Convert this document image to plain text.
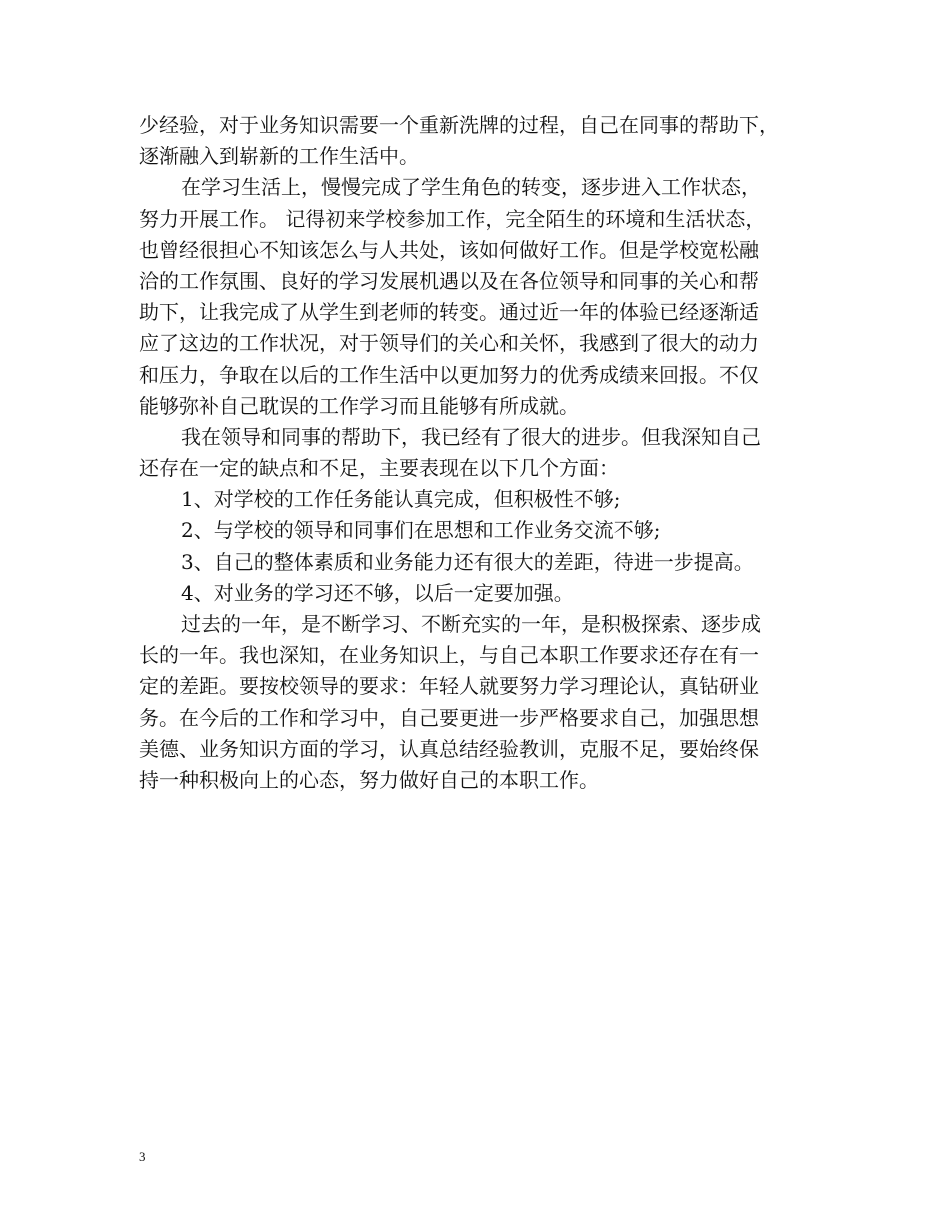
少经验，对于业务知识需要一个重新洗牌的过程，自己在同事的帮助下，
逐渐融入到崭新的工作生活中。
在学习生活上，慢慢完成了学生角色的转变，逐步进入工作状态，
努力开展工作。 记得初来学校参加工作，完全陌生的环境和生活状态，
也曾经很担心不知该怎么与人共处，该如何做好工作。但是学校宽松融
洽的工作氛围、良好的学习发展机遇以及在各位领导和同事的关心和帮
助下，让我完成了从学生到老师的转变。通过近一年的体验已经逐渐适
应了这边的工作状况，对于领导们的关心和关怀，我感到了很大的动力
和压力，争取在以后的工作生活中以更加努力的优秀成绩来回报。不仅
能够弥补自己耽误的工作学习而且能够有所成就。
我在领导和同事的帮助下，我已经有了很大的进步。但我深知自己
还存在一定的缺点和不足，主要表现在以下几个方面：
1、对学校的工作任务能认真完成，但积极性不够;
2、与学校的领导和同事们在思想和工作业务交流不够;
3、自己的整体素质和业务能力还有很大的差距，待进一步提高。
4、对业务的学习还不够，以后一定要加强。
过去的一年，是不断学习、不断充实的一年，是积极探索、逐步成
长的一年。我也深知，在业务知识上，与自己本职工作要求还存在有一
定的差距。要按校领导的要求：年轻人就要努力学习理论认，真钻研业
务。在今后的工作和学习中，自己要更进一步严格要求自己，加强思想
美德、业务知识方面的学习，认真总结经验教训，克服不足，要始终保
持一种积极向上的心态，努力做好自己的本职工作。
3
